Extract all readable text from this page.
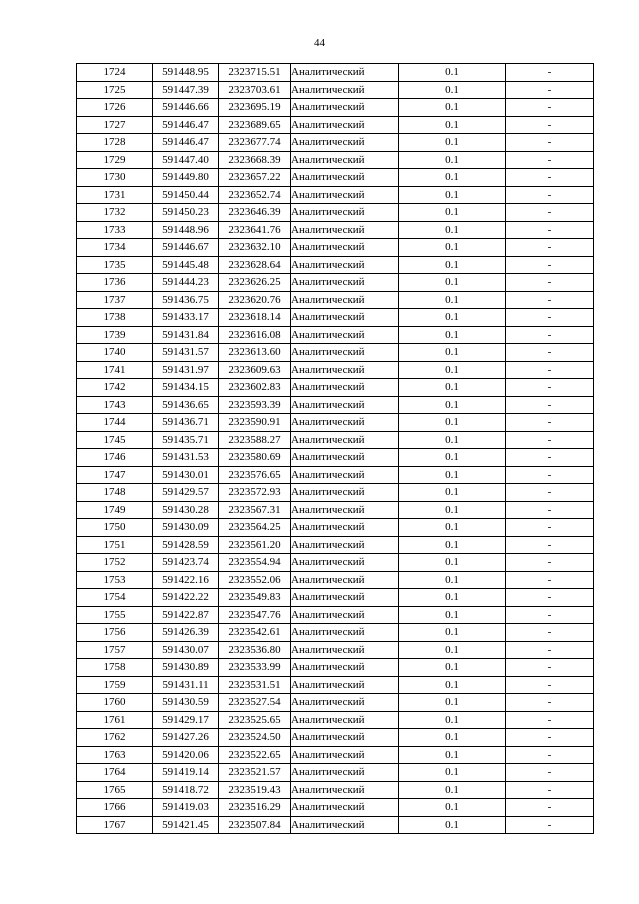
44
1724	591448.95	2323715.51	Аналитический	0.1	-
1725	591447.39	2323703.61	Аналитический	0.1	-
1726	591446.66	2323695.19	Аналитический	0.1	-
1727	591446.47	2323689.65	Аналитический	0.1	-
1728	591446.47	2323677.74	Аналитический	0.1	-
1729	591447.40	2323668.39	Аналитический	0.1	-
1730	591449.80	2323657.22	Аналитический	0.1	-
1731	591450.44	2323652.74	Аналитический	0.1	-
1732	591450.23	2323646.39	Аналитический	0.1	-
1733	591448.96	2323641.76	Аналитический	0.1	-
1734	591446.67	2323632.10	Аналитический	0.1	-
1735	591445.48	2323628.64	Аналитический	0.1	-
1736	591444.23	2323626.25	Аналитический	0.1	-
1737	591436.75	2323620.76	Аналитический	0.1	-
1738	591433.17	2323618.14	Аналитический	0.1	-
1739	591431.84	2323616.08	Аналитический	0.1	-
1740	591431.57	2323613.60	Аналитический	0.1	-
1741	591431.97	2323609.63	Аналитический	0.1	-
1742	591434.15	2323602.83	Аналитический	0.1	-
1743	591436.65	2323593.39	Аналитический	0.1	-
1744	591436.71	2323590.91	Аналитический	0.1	-
1745	591435.71	2323588.27	Аналитический	0.1	-
1746	591431.53	2323580.69	Аналитический	0.1	-
1747	591430.01	2323576.65	Аналитический	0.1	-
1748	591429.57	2323572.93	Аналитический	0.1	-
1749	591430.28	2323567.31	Аналитический	0.1	-
1750	591430.09	2323564.25	Аналитический	0.1	-
1751	591428.59	2323561.20	Аналитический	0.1	-
1752	591423.74	2323554.94	Аналитический	0.1	-
1753	591422.16	2323552.06	Аналитический	0.1	-
1754	591422.22	2323549.83	Аналитический	0.1	-
1755	591422.87	2323547.76	Аналитический	0.1	-
1756	591426.39	2323542.61	Аналитический	0.1	-
1757	591430.07	2323536.80	Аналитический	0.1	-
1758	591430.89	2323533.99	Аналитический	0.1	-
1759	591431.11	2323531.51	Аналитический	0.1	-
1760	591430.59	2323527.54	Аналитический	0.1	-
1761	591429.17	2323525.65	Аналитический	0.1	-
1762	591427.26	2323524.50	Аналитический	0.1	-
1763	591420.06	2323522.65	Аналитический	0.1	-
1764	591419.14	2323521.57	Аналитический	0.1	-
1765	591418.72	2323519.43	Аналитический	0.1	-
1766	591419.03	2323516.29	Аналитический	0.1	-
1767	591421.45	2323507.84	Аналитический	0.1	-
